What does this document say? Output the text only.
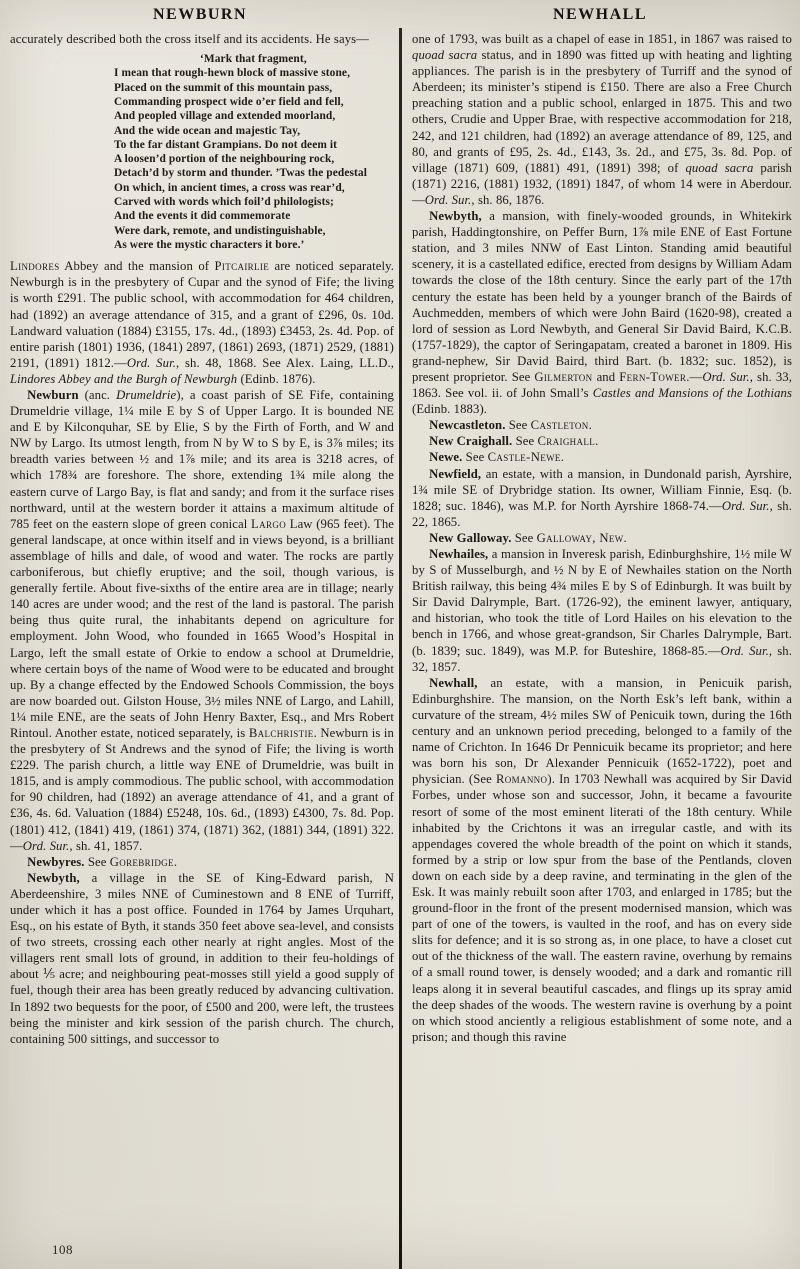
NEWBURN	NEWHALL

accurately described both the cross itself and its accidents. He says—

‘Mark that fragment,
I mean that rough-hewn block of massive stone,
Placed on the summit of this mountain pass,
Commanding prospect wide o’er field and fell,
And peopled village and extended moorland,
And the wide ocean and majestic Tay,
To the far distant Grampians. Do not deem it
A loosen’d portion of the neighbouring rock,
Detach’d by storm and thunder. ’Twas the pedestal
On which, in ancient times, a cross was rear’d,
Carved with words which foil’d philologists;
And the events it did commemorate
Were dark, remote, and undistinguishable,
As were the mystic characters it bore.’

Lindores Abbey and the mansion of Pitcairlie are noticed separately. Newburgh is in the presbytery of Cupar and the synod of Fife; the living is worth £291. The public school, with accommodation for 464 children, had (1892) an average attendance of 315, and a grant of £296, 0s. 10d. Landward valuation (1884) £3155, 17s. 4d., (1893) £3453, 2s. 4d. Pop. of entire parish (1801) 1936, (1841) 2897, (1861) 2693, (1871) 2529, (1881) 2191, (1891) 1812.—Ord. Sur., sh. 48, 1868. See Alex. Laing, LL.D., Lindores Abbey and the Burgh of Newburgh (Edinb. 1876).

Newburn (anc. Drumeldrie), a coast parish of SE Fife, containing Drumeldrie village, 1¼ mile E by S of Upper Largo. It is bounded NE and E by Kilconquhar, SE by Elie, S by the Firth of Forth, and W and NW by Largo. Its utmost length, from N by W to S by E, is 3⅞ miles; its breadth varies between ½ and 1⅞ mile; and its area is 3218 acres, of which 178¾ are foreshore. The shore, extending 1¾ mile along the eastern curve of Largo Bay, is flat and sandy; and from it the surface rises northward, until at the western border it attains a maximum altitude of 785 feet on the eastern slope of green conical Largo Law (965 feet). The general landscape, at once within itself and in views beyond, is a brilliant assemblage of hills and dale, of wood and water. The rocks are partly carboniferous, but chiefly eruptive; and the soil, though various, is generally fertile. About five-sixths of the entire area are in tillage; nearly 140 acres are under wood; and the rest of the land is pastoral. The parish being thus quite rural, the inhabitants depend on agriculture for employment. John Wood, who founded in 1665 Wood’s Hospital in Largo, left the small estate of Orkie to endow a school at Drumeldrie, where certain boys of the name of Wood were to be educated and brought up. By a change effected by the Endowed Schools Commission, the boys are now boarded out. Gilston House, 3½ miles NNE of Largo, and Lahill, 1¼ mile ENE, are the seats of John Henry Baxter, Esq., and Mrs Robert Rintoul. Another estate, noticed separately, is Balchristie. Newburn is in the presbytery of St Andrews and the synod of Fife; the living is worth £229. The parish church, a little way ENE of Drumeldrie, was built in 1815, and is amply commodious. The public school, with accommodation for 90 children, had (1892) an average attendance of 41, and a grant of £36, 4s. 6d. Valuation (1884) £5248, 10s. 6d., (1893) £4300, 7s. 8d. Pop. (1801) 412, (1841) 419, (1861) 374, (1871) 362, (1881) 344, (1891) 322.—Ord. Sur., sh. 41, 1857.

Newbyres. See Gorebridge.

Newbyth, a village in the SE of King-Edward parish, N Aberdeenshire, 3 miles NNE of Cuminestown and 8 ENE of Turriff, under which it has a post office. Founded in 1764 by James Urquhart, Esq., on his estate of Byth, it stands 350 feet above sea-level, and consists of two streets, crossing each other nearly at right angles. Most of the villagers rent small lots of ground, in addition to their feu-holdings of about ⅕ acre; and neighbouring peat-mosses still yield a good supply of fuel, though their area has been greatly reduced by advancing cultivation. In 1892 two bequests for the poor, of £500 and 200, were left, the trustees being the minister and kirk session of the parish church. The church, containing 500 sittings, and successor to

one of 1793, was built as a chapel of ease in 1851, in 1867 was raised to quoad sacra status, and in 1890 was fitted up with heating and lighting appliances. The parish is in the presbytery of Turriff and the synod of Aberdeen; its minister’s stipend is £150. There are also a Free Church preaching station and a public school, enlarged in 1875. This and two others, Crudie and Upper Brae, with respective accommodation for 218, 242, and 121 children, had (1892) an average attendance of 89, 125, and 80, and grants of £95, 2s. 4d., £143, 3s. 2d., and £75, 3s. 8d. Pop. of village (1871) 609, (1881) 491, (1891) 398; of quoad sacra parish (1871) 2216, (1881) 1932, (1891) 1847, of whom 14 were in Aberdour.—Ord. Sur., sh. 86, 1876.

Newbyth, a mansion, with finely-wooded grounds, in Whitekirk parish, Haddingtonshire, on Peffer Burn, 1⅞ mile ENE of East Fortune station, and 3 miles NNW of East Linton. Standing amid beautiful scenery, it is a castellated edifice, erected from designs by William Adam towards the close of the 18th century. Since the early part of the 17th century the estate has been held by a younger branch of the Bairds of Auchmedden, members of which were John Baird (1620-98), created a lord of session as Lord Newbyth, and General Sir David Baird, K.C.B. (1757-1829), the captor of Seringapatam, created a baronet in 1809. His grand-nephew, Sir David Baird, third Bart. (b. 1832; suc. 1852), is present proprietor. See Gilmerton and Fern-Tower.—Ord. Sur., sh. 33, 1863. See vol. ii. of John Small’s Castles and Mansions of the Lothians (Edinb. 1883).

Newcastleton. See Castleton.

New Craighall. See Craighall.

Newe. See Castle-Newe.

Newfield, an estate, with a mansion, in Dundonald parish, Ayrshire, 1¾ mile SE of Drybridge station. Its owner, William Finnie, Esq. (b. 1828; suc. 1846), was M.P. for North Ayrshire 1868-74.—Ord. Sur., sh. 22, 1865.

New Galloway. See Galloway, New.

Newhailes, a mansion in Inveresk parish, Edinburghshire, 1½ mile W by S of Musselburgh, and ½ N by E of Newhailes station on the North British railway, this being 4¾ miles E by S of Edinburgh. It was built by Sir David Dalrymple, Bart. (1726-92), the eminent lawyer, antiquary, and historian, who took the title of Lord Hailes on his elevation to the bench in 1766, and whose great-grandson, Sir Charles Dalrymple, Bart. (b. 1839; suc. 1849), was M.P. for Buteshire, 1868-85.—Ord. Sur., sh. 32, 1857.

Newhall, an estate, with a mansion, in Penicuik parish, Edinburghshire. The mansion, on the North Esk’s left bank, within a curvature of the stream, 4½ miles SW of Penicuik town, during the 16th century and an unknown period preceding, belonged to a family of the name of Crichton. In 1646 Dr Pennicuik became its proprietor; and here was born his son, Dr Alexander Pennicuik (1652-1722), poet and physician. (See Romanno). In 1703 Newhall was acquired by Sir David Forbes, under whose son and successor, John, it became a favourite resort of some of the most eminent literati of the 18th century. While inhabited by the Crichtons it was an irregular castle, and with its appendages covered the whole breadth of the point on which it stands, formed by a strip or low spur from the base of the Pentlands, cloven down on each side by a deep ravine, and terminating in the glen of the Esk. It was mainly rebuilt soon after 1703, and enlarged in 1785; but the ground-floor in the front of the present modernised mansion, which was part of one of the towers, is vaulted in the roof, and has on every side slits for defence; and it is so strong as, in one place, to have a closet cut out of the thickness of the wall. The eastern ravine, overhung by remains of a small round tower, is densely wooded; and a dark and romantic rill leaps along it in several beautiful cascades, and flings up its spray amid the deep shades of the woods. The western ravine is overhung by a point on which stood anciently a religious establishment of some note, and a prison; and though this ravine

108
